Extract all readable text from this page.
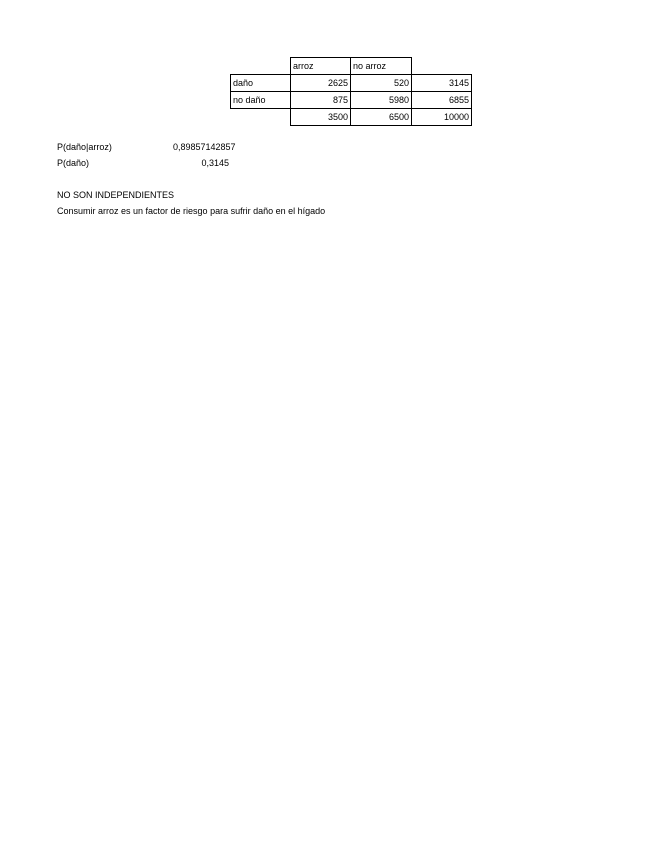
	arroz	no arroz	
daño	2625	520	3145
no daño	875	5980	6855
	3500	6500	10000
P(daño|arroz)	0,89857142857
P(daño)	0,3145
NO SON INDEPENDIENTES
Consumir arroz es un factor de riesgo para sufrir daño en el hígado
